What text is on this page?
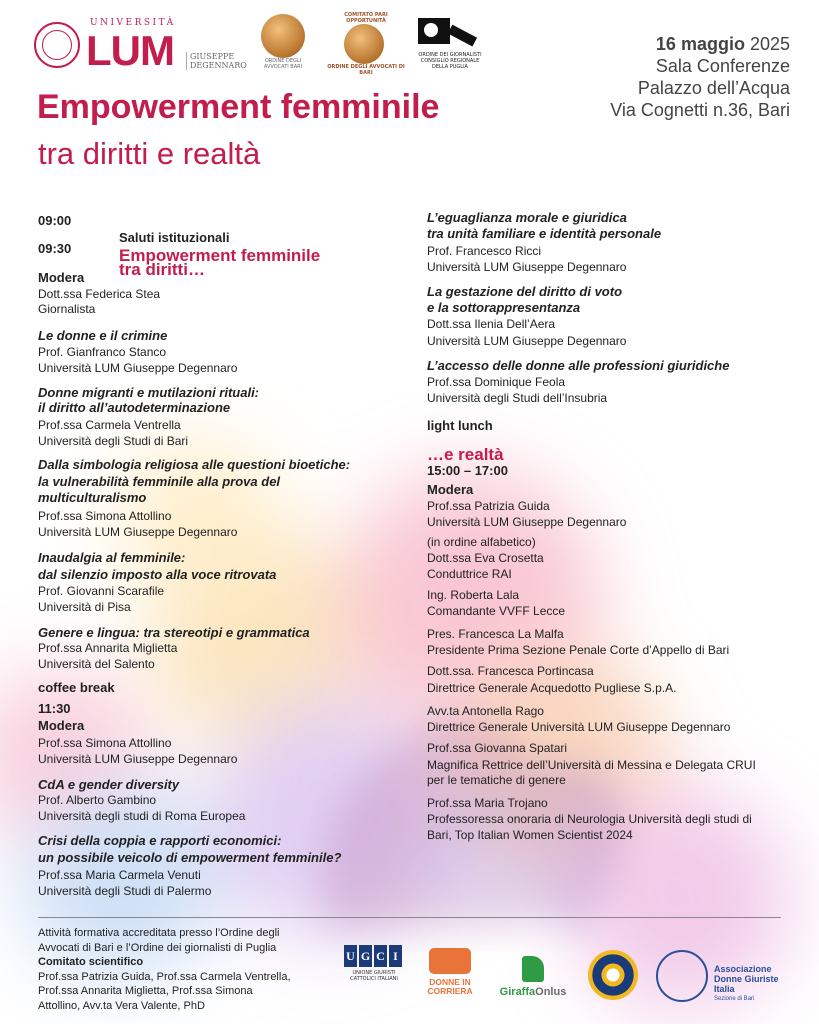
UNIVERSITÀ
LUM GIUSEPPE
DEGENNARO	ORDINE DEGLI AVVOCATI BARI
COMITATO PARI OPPORTUNITÀ
ORDINE DEGLI AVVOCATI DI BARI
ORDINE DEI GIORNALISTI CONSIGLIO REGIONALE DELLA PUGLIA
16 maggio 2025
Sala Conferenze
Palazzo dell’Acqua
Via Cognetti n.36, Bari
Empowerment femminile
tra diritti e realtà
09:00
Saluti istituzionali
09:30	Empowerment femminile
tra diritti…
Modera
Dott.ssa Federica Stea
Giornalista
Le donne e il crimine
Prof. Gianfranco Stanco
Università LUM Giuseppe Degennaro
Donne migranti e mutilazioni rituali:
il diritto all’autodeterminazione
Prof.ssa Carmela Ventrella
Università degli Studi di Bari
Dalla simbologia religiosa alle questioni bioetiche:
la vulnerabilità femminile alla prova del
multiculturalismo
Prof.ssa Simona Attollino
Università LUM Giuseppe Degennaro
Inaudalgia al femminile:
dal silenzio imposto alla voce ritrovata
Prof. Giovanni Scarafile
Università di Pisa
Genere e lingua: tra stereotipi e grammatica
Prof.ssa Annarita Miglietta
Università del Salento
coffee break
11:30
Modera
Prof.ssa Simona Attollino
Università LUM Giuseppe Degennaro
CdA e gender diversity
Prof. Alberto Gambino
Università degli studi di Roma Europea
Crisi della coppia e rapporti economici:
un possibile veicolo di empowerment femminile?
Prof.ssa Maria Carmela Venuti
Università degli Studi di Palermo
L’eguaglianza morale e giuridica
tra unità familiare e identità personale
Prof. Francesco Ricci
Università LUM Giuseppe Degennaro
La gestazione del diritto di voto
e la sottorappresentanza
Dott.ssa Ilenia Dell’Aera
Università LUM Giuseppe Degennaro
L’accesso delle donne alle professioni giuridiche
Prof.ssa Dominique Feola
Università degli Studi dell’Insubria
light lunch
…e realtà
15:00 – 17:00
Modera
Prof.ssa Patrizia Guida
Università LUM Giuseppe Degennaro
(in ordine alfabetico)
Dott.ssa Eva Crosetta
Conduttrice RAI
Ing. Roberta Lala
Comandante VVFF Lecce
Pres. Francesca La Malfa
Presidente Prima Sezione Penale Corte d’Appello di Bari
Dott.ssa. Francesca Portincasa
Direttrice Generale Acquedotto Pugliese S.p.A.
Avv.ta Antonella Rago
Direttrice Generale Università LUM Giuseppe Degennaro
Prof.ssa Giovanna Spatari
Magnifica Rettrice dell’Università di Messina e Delegata CRUI
per le tematiche di genere
Prof.ssa Maria Trojano
Professoressa onoraria di Neurologia Università degli studi di
Bari, Top Italian Women Scientist 2024
Attività formativa accreditata presso l’Ordine degli
Avvocati di Bari e l’Ordine dei giornalisti di Puglia
Comitato scientifico
Prof.ssa Patrizia Guida, Prof.ssa Carmela Ventrella,
Prof.ssa Annarita Miglietta, Prof.ssa Simona
Attollino, Avv.ta Vera Valente, PhD
U G C I
UNIONE GIURISTI CATTOLICI ITALIANI	DONNE IN
CORRIERA	GiraffaOnlus
Associazione
Donne Giuriste
Italia
Sezione di Bari
